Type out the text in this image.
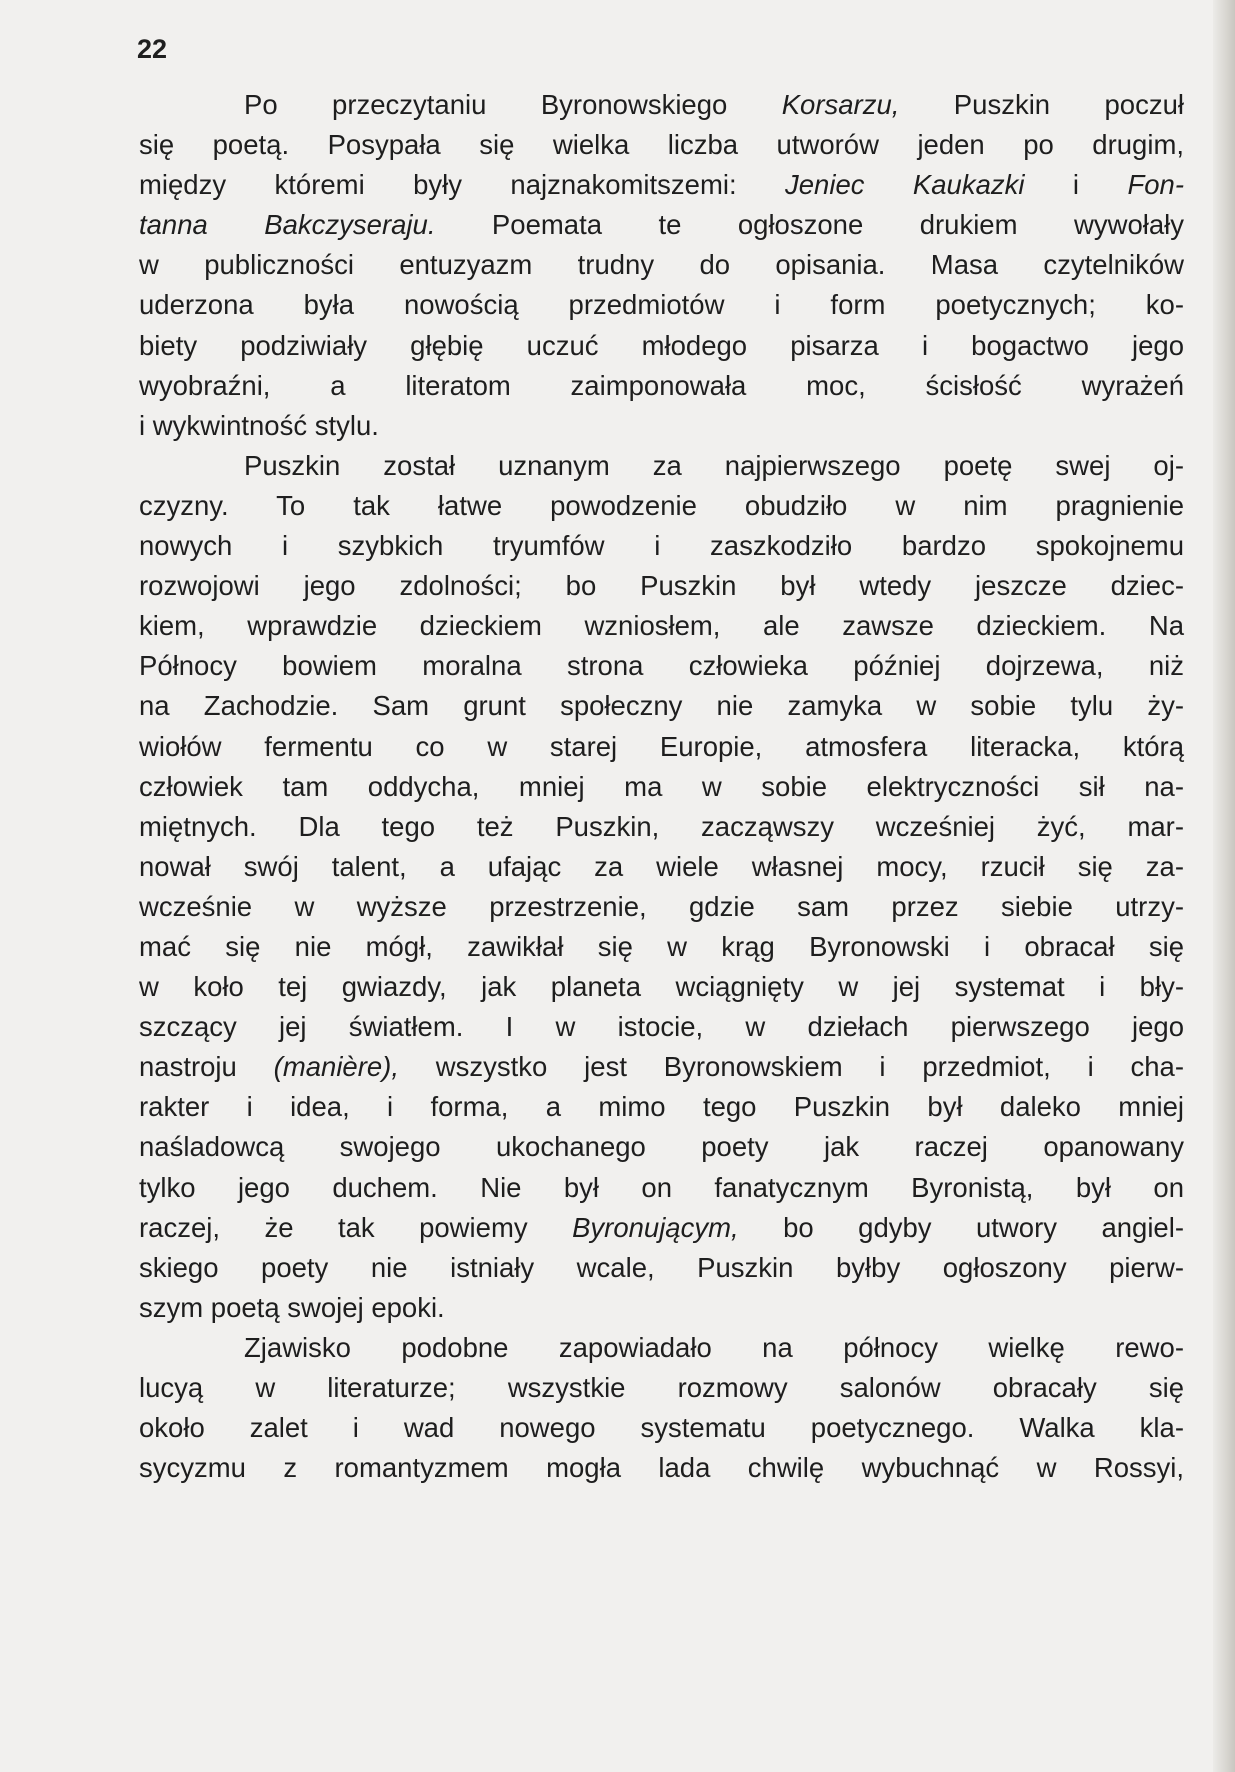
22

Po przeczytaniu Byronowskiego Korsarzu, Puszkin poczuł
się poetą. Posypała się wielka liczba utworów jeden po drugim,
między któremi były najznakomitszemi: Jeniec Kaukazki i Fon-
tanna Bakczyseraju. Poemata te ogłoszone drukiem wywołały
w publiczności entuzyazm trudny do opisania. Masa czytelników
uderzona była nowością przedmiotów i form poetycznych; ko-
biety podziwiały głębię uczuć młodego pisarza i bogactwo jego
wyobraźni, a literatom zaimponowała moc, ścisłość wyrażeń
i wykwintność stylu.
Puszkin został uznanym za najpierwszego poetę swej oj-
czyzny. To tak łatwe powodzenie obudziło w nim pragnienie
nowych i szybkich tryumfów i zaszkodziło bardzo spokojnemu
rozwojowi jego zdolności; bo Puszkin był wtedy jeszcze dziec-
kiem, wprawdzie dzieckiem wzniosłem, ale zawsze dzieckiem. Na
Północy bowiem moralna strona człowieka później dojrzewa, niż
na Zachodzie. Sam grunt społeczny nie zamyka w sobie tylu ży-
wiołów fermentu co w starej Europie, atmosfera literacka, którą
człowiek tam oddycha, mniej ma w sobie elektryczności sił na-
miętnych. Dla tego też Puszkin, zacząwszy wcześniej żyć, mar-
nował swój talent, a ufając za wiele własnej mocy, rzucił się za-
wcześnie w wyższe przestrzenie, gdzie sam przez siebie utrzy-
mać się nie mógł, zawikłał się w krąg Byronowski i obracał się
w koło tej gwiazdy, jak planeta wciągnięty w jej systemat i bły-
szczący jej światłem. I w istocie, w dziełach pierwszego jego
nastroju (manière), wszystko jest Byronowskiem i przedmiot, i cha-
rakter i idea, i forma, a mimo tego Puszkin był daleko mniej
naśladowcą swojego ukochanego poety jak raczej opanowany
tylko jego duchem. Nie był on fanatycznym Byronistą, był on
raczej, że tak powiemy Byronującym, bo gdyby utwory angiel-
skiego poety nie istniały wcale, Puszkin byłby ogłoszony pierw-
szym poetą swojej epoki.
Zjawisko podobne zapowiadało na północy wielkę rewo-
lucyą w literaturze; wszystkie rozmowy salonów obracały się
około zalet i wad nowego systematu poetycznego. Walka kla-
sycyzmu z romantyzmem mogła lada chwilę wybuchnąć w Rossyi,
